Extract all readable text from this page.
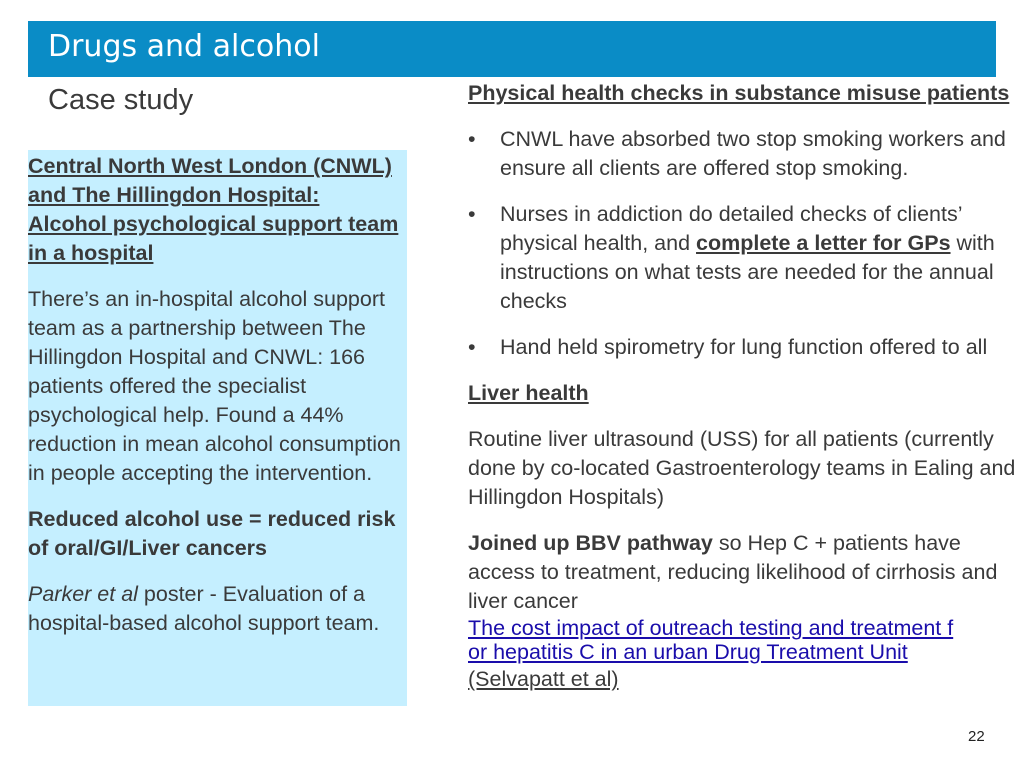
Drugs and alcohol
Case study

Central North West London (CNWL) and The Hillingdon Hospital: Alcohol psychological support team in a hospital

There’s an in-hospital alcohol support team as a partnership between The Hillingdon Hospital and CNWL: 166 patients offered the specialist psychological help. Found a 44% reduction in mean alcohol consumption in people accepting the intervention.

Reduced alcohol use = reduced risk of oral/GI/Liver cancers

Parker et al poster - Evaluation of a hospital-based alcohol support team.

Physical health checks in substance misuse patients

• CNWL have absorbed two stop smoking workers and ensure all clients are offered stop smoking.
• Nurses in addiction do detailed checks of clients’ physical health, and complete a letter for GPs with instructions on what tests are needed for the annual checks
• Hand held spirometry for lung function offered to all

Liver health

Routine liver ultrasound (USS) for all patients (currently done by co-located Gastroenterology teams in Ealing and Hillingdon Hospitals)

Joined up BBV pathway so Hep C + patients have access to treatment, reducing likelihood of cirrhosis and liver cancer

The cost impact of outreach testing and treatment f
or hepatitis C in an urban Drug Treatment Unit
(Selvapatt et al)
22
